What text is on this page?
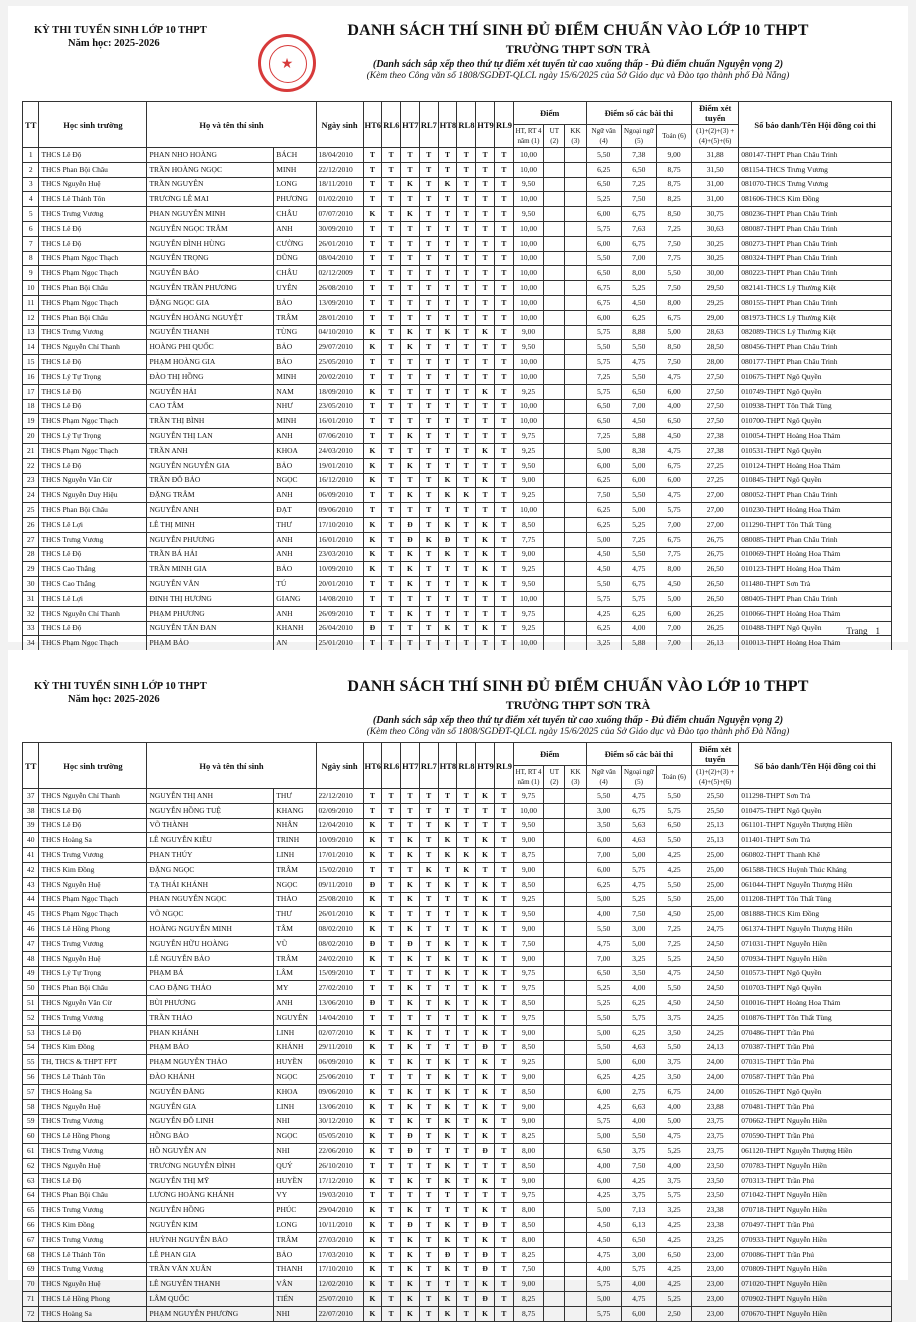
KỲ THI TUYỂN SINH LỚP 10 THPT
Năm học: 2025-2026
★
DANH SÁCH THÍ SINH ĐỦ ĐIỂM CHUẨN VÀO LỚP 10 THPT
TRƯỜNG THPT SƠN TRÀ
(Danh sách sắp xếp theo thứ tự điểm xét tuyển từ cao xuống thấp - Đủ điểm chuẩn Nguyện vọng 2)
(Kèm theo Công văn số 1808/SGDĐT-QLCL ngày 15/6/2025 của Sở Giáo dục và Đào tạo thành phố Đà Nẵng)
TT	Học sinh trường	Họ và tên thí sinh		Ngày sinh	HT6	RL6	HT7	RL7	HT8	RL8	HT9	RL9	Điểm			Điểm số các bài thi			Điểm xét tuyển	Số báo danh/Tên Hội đồng coi thi
													HT, RT 4 năm (1)	UT (2)	KK (3)	Ngữ văn (4)	Ngoại ngữ (5)	Toán (6)	(1)+(2)+(3) +(4)+(5)+(6)	
1	THCS Lê Độ	PHAN NHO HOÀNG	BÁCH	18/04/2010	T	T	T	T	T	T	T	T	10,00			5,50	7,38	9,00	31,88	080147-THPT Phan Châu Trinh
2	THCS Phan Bội Châu	TRẦN HOÀNG NGỌC	MINH	22/12/2010	T	T	T	T	T	T	T	T	10,00			6,25	6,50	8,75	31,50	081154-THCS Trưng Vương
3	THCS Nguyễn Huệ	TRẦN NGUYÊN	LONG	18/11/2010	T	T	K	T	K	T	T	T	9,50			6,50	7,25	8,75	31,00	081070-THCS Trưng Vương
4	THCS Lê Thánh Tôn	TRƯƠNG LÊ MAI	PHƯƠNG	01/02/2010	T	T	T	T	T	T	T	T	10,00			5,25	7,50	8,25	31,00	081606-THCS Kim Đồng
5	THCS Trưng Vương	PHAN NGUYỄN MINH	CHÂU	07/07/2010	K	T	K	T	T	T	T	T	9,50			6,00	6,75	8,50	30,75	080236-THPT Phan Châu Trinh
6	THCS Lê Độ	NGUYỄN NGỌC TRÂM	ANH	30/09/2010	T	T	T	T	T	T	T	T	10,00			5,75	7,63	7,25	30,63	080087-THPT Phan Châu Trinh
7	THCS Lê Độ	NGUYỄN ĐÌNH HÙNG	CƯỜNG	26/01/2010	T	T	T	T	T	T	T	T	10,00			6,00	6,75	7,50	30,25	080273-THPT Phan Châu Trinh
8	THCS Phạm Ngọc Thạch	NGUYỄN TRỌNG	DŨNG	08/04/2010	T	T	T	T	T	T	T	T	10,00			5,50	7,00	7,75	30,25	080324-THPT Phan Châu Trinh
9	THCS Phạm Ngọc Thạch	NGUYỄN BẢO	CHÂU	02/12/2009	T	T	T	T	T	T	T	T	10,00			6,50	8,00	5,50	30,00	080223-THPT Phan Châu Trinh
10	THCS Phan Bội Châu	NGUYỄN TRẦN PHƯƠNG	UYÊN	26/08/2010	T	T	T	T	T	T	T	T	10,00			6,75	5,25	7,50	29,50	082141-THCS Lý Thường Kiệt
11	THCS Phạm Ngọc Thạch	ĐẶNG NGỌC GIA	BẢO	13/09/2010	T	T	T	T	T	T	T	T	10,00			6,75	4,50	8,00	29,25	080155-THPT Phan Châu Trinh
12	THCS Phan Bội Châu	NGUYỄN HOÀNG NGUYỆT	TRÂM	28/01/2010	T	T	T	T	T	T	T	T	10,00			6,00	6,25	6,75	29,00	081973-THCS Lý Thường Kiệt
13	THCS Trưng Vương	NGUYỄN THANH	TÙNG	04/10/2010	K	T	K	T	K	T	K	T	9,00			5,75	8,88	5,00	28,63	082089-THCS Lý Thường Kiệt
14	THCS Nguyễn Chí Thanh	HOÀNG PHI QUỐC	BẢO	29/07/2010	K	T	K	T	T	T	T	T	9,50			5,50	5,50	8,50	28,50	080456-THPT Phan Châu Trinh
15	THCS Lê Độ	PHẠM HOÀNG GIA	BẢO	25/05/2010	T	T	T	T	T	T	T	T	10,00			5,75	4,75	7,50	28,00	080177-THPT Phan Châu Trinh
16	THCS Lý Tự Trọng	ĐÀO THỊ HỒNG	MINH	20/02/2010	T	T	T	T	T	T	T	T	10,00			7,25	5,50	4,75	27,50	010675-THPT Ngô Quyền
17	THCS Lê Độ	NGUYỄN HẢI	NAM	18/09/2010	K	T	T	T	T	T	K	T	9,25			5,75	6,50	6,00	27,50	010749-THPT Ngô Quyền
18	THCS Lê Độ	CAO TÂM	NHƯ	23/05/2010	T	T	T	T	T	T	T	T	10,00			6,50	7,00	4,00	27,50	010938-THPT Tôn Thất Tùng
19	THCS Phạm Ngọc Thạch	TRẦN THỊ BÌNH	MINH	16/01/2010	T	T	T	T	T	T	T	T	10,00			6,50	4,50	6,50	27,50	010700-THPT Ngô Quyền
20	THCS Lý Tự Trọng	NGUYỄN THỊ LAN	ANH	07/06/2010	T	T	K	T	T	T	T	T	9,75			7,25	5,88	4,50	27,38	010054-THPT Hoàng Hoa Thám
21	THCS Phạm Ngọc Thạch	TRẦN ANH	KHOA	24/03/2010	K	T	T	T	T	T	K	T	9,25			5,00	8,38	4,75	27,38	010531-THPT Ngô Quyền
22	THCS Lê Độ	NGUYỄN NGUYỄN GIA	BẢO	19/01/2010	K	T	K	T	T	T	T	T	9,50			6,00	5,00	6,75	27,25	010124-THPT Hoàng Hoa Thám
23	THCS Nguyễn Văn Cừ	TRẦN ĐỖ BẢO	NGỌC	16/12/2010	K	T	T	T	K	T	K	T	9,00			6,25	6,00	6,00	27,25	010845-THPT Ngô Quyền
24	THCS Nguyễn Duy Hiệu	ĐẶNG TRÂM	ANH	06/09/2010	T	T	K	T	K	K	T	T	9,25			7,50	5,50	4,75	27,00	080052-THPT Phan Châu Trinh
25	THCS Phan Bội Châu	NGUYỄN ANH	ĐẠT	09/06/2010	T	T	T	T	T	T	T	T	10,00			6,25	5,00	5,75	27,00	010230-THPT Hoàng Hoa Thám
26	THCS Lê Lợi	LÊ THỊ MINH	THƯ	17/10/2010	K	T	Đ	T	K	T	K	T	8,50			6,25	5,25	7,00	27,00	011290-THPT Tôn Thất Tùng
27	THCS Trưng Vương	NGUYỄN PHƯƠNG	ANH	16/01/2010	K	T	Đ	K	Đ	T	K	T	7,75			5,00	7,25	6,75	26,75	080085-THPT Phan Châu Trinh
28	THCS Lê Độ	TRẦN BÁ HẢI	ANH	23/03/2010	K	T	K	T	K	T	K	T	9,00			4,50	5,50	7,75	26,75	010069-THPT Hoàng Hoa Thám
29	THCS Cao Thắng	TRẦN MINH GIA	BẢO	10/09/2010	K	T	K	T	T	T	K	T	9,25			4,50	4,75	8,00	26,50	010123-THPT Hoàng Hoa Thám
30	THCS Cao Thắng	NGUYỄN VĂN	TÚ	20/01/2010	T	T	K	T	T	T	K	T	9,50			5,50	6,75	4,50	26,50	011480-THPT Sơn Trà
31	THCS Lê Lợi	ĐINH THỊ HƯƠNG	GIANG	14/08/2010	T	T	T	T	T	T	T	T	10,00			5,75	5,75	5,00	26,50	080405-THPT Phan Châu Trinh
32	THCS Nguyễn Chí Thanh	PHẠM PHƯƠNG	ANH	26/09/2010	T	T	K	T	T	T	T	T	9,75			4,25	6,25	6,00	26,25	010066-THPT Hoàng Hoa Thám
33	THCS Lê Độ	NGUYỄN TẤN ĐAN	KHANH	26/04/2010	Đ	T	T	T	K	T	K	T	9,25			6,25	4,00	7,00	26,25	010488-THPT Ngô Quyền
34	THCS Phạm Ngọc Thạch	PHẠM BẢO	AN	25/01/2010	T	T	T	T	T	T	T	T	10,00			3,25	5,88	7,00	26,13	010013-THPT Hoàng Hoa Thám

Trang 1
KỲ THI TUYỂN SINH LỚP 10 THPT
Năm học: 2025-2026
DANH SÁCH THÍ SINH ĐỦ ĐIỂM CHUẨN VÀO LỚP 10 THPT
TRƯỜNG THPT SƠN TRÀ
(Danh sách sắp xếp theo thứ tự điểm xét tuyển từ cao xuống thấp - Đủ điểm chuẩn Nguyện vọng 2)
(Kèm theo Công văn số 1808/SGDĐT-QLCL ngày 15/6/2025 của Sở Giáo dục và Đào tạo thành phố Đà Nẵng)
TT	Học sinh trường	Họ và tên thí sinh		Ngày sinh	HT6	RL6	HT7	RL7	HT8	RL8	HT9	RL9	Điểm			Điểm số các bài thi			Điểm xét tuyển	Số báo danh/Tên Hội đồng coi thi
													HT, RT 4 năm (1)	UT (2)	KK (3)	Ngữ văn (4)	Ngoại ngữ (5)	Toán (6)	(1)+(2)+(3) +(4)+(5)+(6)	
37	THCS Nguyễn Chí Thanh	NGUYỄN THỊ ANH	THƯ	22/12/2010	T	T	T	T	T	T	K	T	9,75			5,50	4,75	5,50	25,50	011298-THPT Sơn Trà
38	THCS Lê Độ	NGUYỄN HỒNG TUỆ	KHANG	02/09/2010	T	T	T	T	T	T	T	T	10,00			3,00	6,75	5,75	25,50	010475-THPT Ngô Quyền
39	THCS Lê Độ	VÕ THÀNH	NHÂN	12/04/2010	K	T	T	T	K	T	T	T	9,50			3,50	5,63	6,50	25,13	061101-THPT Nguyễn Thượng Hiền
40	THCS Hoàng Sa	LÊ NGUYỄN KIỀU	TRINH	10/09/2010	K	T	K	T	K	T	K	T	9,00			6,00	4,63	5,50	25,13	011401-THPT Sơn Trà
41	THCS Trưng Vương	PHAN THÚY	LINH	17/01/2010	K	T	K	T	K	K	K	T	8,75			7,00	5,00	4,25	25,00	060802-THPT Thanh Khê
42	THCS Kim Đồng	ĐẶNG NGỌC	TRÂM	15/02/2010	T	T	T	K	T	K	T	T	9,00			6,00	5,75	4,25	25,00	061588-THCS Huỳnh Thúc Kháng
43	THCS Nguyễn Huệ	TẠ THÁI KHÁNH	NGỌC	09/11/2010	Đ	T	K	T	K	T	K	T	8,50			6,25	4,75	5,50	25,00	061044-THPT Nguyễn Thượng Hiền
44	THCS Phạm Ngọc Thạch	PHAN NGUYỄN NGỌC	THẢO	25/08/2010	K	T	K	T	T	T	K	T	9,25			5,00	5,25	5,50	25,00	011208-THPT Tôn Thất Tùng
45	THCS Phạm Ngọc Thạch	VÕ NGỌC	THƯ	26/01/2010	K	T	T	T	T	T	K	T	9,50			4,00	7,50	4,50	25,00	081888-THCS Kim Đồng
46	THCS Lê Hồng Phong	HOÀNG NGUYỄN MINH	TÂM	08/02/2010	K	T	K	T	T	T	K	T	9,00			5,50	3,00	7,25	24,75	061374-THPT Nguyễn Thượng Hiền
47	THCS Trưng Vương	NGUYỄN HỮU HOÀNG	VŨ	08/02/2010	Đ	T	Đ	T	K	T	K	T	7,50			4,75	5,00	7,25	24,50	071031-THPT Nguyễn Hiền
48	THCS Nguyễn Huệ	LÊ NGUYỄN BẢO	TRÂM	24/02/2010	K	T	K	T	K	T	K	T	9,00			7,00	3,25	5,25	24,50	070934-THPT Nguyễn Hiền
49	THCS Lý Tự Trọng	PHẠM BÁ	LÂM	15/09/2010	T	T	T	T	K	T	K	T	9,75			6,50	3,50	4,75	24,50	010573-THPT Ngô Quyền
50	THCS Phan Bội Châu	CAO ĐẶNG THẢO	MY	27/02/2010	T	T	K	T	T	T	K	T	9,75			5,25	4,00	5,50	24,50	010703-THPT Ngô Quyền
51	THCS Nguyễn Văn Cừ	BÙI PHƯƠNG	ANH	13/06/2010	Đ	T	K	T	K	T	K	T	8,50			5,25	6,25	4,50	24,50	010016-THPT Hoàng Hoa Thám
52	THCS Trưng Vương	TRẦN THẢO	NGUYÊN	14/04/2010	T	T	T	T	T	T	K	T	9,75			5,50	5,75	3,75	24,25	010876-THPT Tôn Thất Tùng
53	THCS Lê Độ	PHAN KHÁNH	LINH	02/07/2010	K	T	K	T	T	T	K	T	9,00			5,00	6,25	3,50	24,25	070486-THPT Trần Phú
54	THCS Kim Đồng	PHẠM BẢO	KHÁNH	29/11/2010	K	T	K	T	T	T	Đ	T	8,50			5,50	4,63	5,50	24,13	070387-THPT Trần Phú
55	TH, THCS & THPT FPT	PHẠM NGUYỄN THẢO	HUYỀN	06/09/2010	K	T	K	T	K	T	K	T	9,25			5,00	6,00	3,75	24,00	070315-THPT Trần Phú
56	THCS Lê Thánh Tôn	ĐÀO KHÁNH	NGỌC	25/06/2010	T	T	T	T	K	T	K	T	9,00			6,25	4,25	3,50	24,00	070587-THPT Trần Phú
57	THCS Hoàng Sa	NGUYỄN ĐĂNG	KHOA	09/06/2010	K	T	K	T	K	T	K	T	8,50			6,00	2,75	6,75	24,00	010526-THPT Ngô Quyền
58	THCS Nguyễn Huệ	NGUYỄN GIA	LINH	13/06/2010	K	T	K	T	K	T	K	T	9,00			4,25	6,63	4,00	23,88	070481-THPT Trần Phú
59	THCS Trưng Vương	NGUYỄN ĐỖ LINH	NHI	30/12/2010	K	T	K	T	K	T	K	T	9,00			5,75	4,00	5,00	23,75	070662-THPT Nguyễn Hiền
60	THCS Lê Hồng Phong	HỒNG BẢO	NGỌC	05/05/2010	K	T	Đ	T	K	T	K	T	8,25			5,00	5,50	4,75	23,75	070590-THPT Trần Phú
61	THCS Trưng Vương	HỒ NGUYỄN AN	NHI	22/06/2010	K	T	Đ	T	T	T	Đ	T	8,00			6,50	3,75	5,25	23,75	061120-THPT Nguyễn Thượng Hiền
62	THCS Nguyễn Huệ	TRƯƠNG NGUYỄN ĐÌNH	QUÝ	26/10/2010	T	T	T	T	K	T	T	T	8,50			4,00	7,50	4,00	23,50	070783-THPT Nguyễn Hiền
63	THCS Lê Độ	NGUYỄN THỊ MỸ	HUYỀN	17/12/2010	K	T	K	T	K	T	K	T	9,00			6,00	4,25	3,75	23,50	070313-THPT Trần Phú
64	THCS Phan Bội Châu	LƯƠNG HOÀNG KHÁNH	VY	19/03/2010	T	T	T	T	T	T	T	T	9,75			4,25	3,75	5,75	23,50	071042-THPT Nguyễn Hiền
65	THCS Trưng Vương	NGUYỄN HỒNG	PHÚC	29/04/2010	K	T	K	T	T	T	K	T	8,00			5,00	7,13	3,25	23,38	070718-THPT Nguyễn Hiền
66	THCS Kim Đồng	NGUYỄN KIM	LONG	10/11/2010	K	T	Đ	T	K	T	Đ	T	8,50			4,50	6,13	4,25	23,38	070497-THPT Trần Phú
67	THCS Trưng Vương	HUỲNH NGUYỄN BẢO	TRÂM	27/03/2010	K	T	K	T	K	T	K	T	8,00			4,50	6,50	4,25	23,25	070933-THPT Nguyễn Hiền
68	THCS Lê Thánh Tôn	LÊ PHAN GIA	BẢO	17/03/2010	K	T	K	T	Đ	T	Đ	T	8,25			4,75	3,00	6,50	23,00	070086-THPT Trần Phú
69	THCS Trưng Vương	TRẦN VĂN XUÂN	THANH	17/10/2010	K	T	K	T	K	T	Đ	T	7,50			4,00	5,75	4,25	23,00	070809-THPT Nguyễn Hiền
70	THCS Nguyễn Huệ	LÊ NGUYỄN THANH	VÂN	12/02/2010	K	T	K	T	T	T	K	T	9,00			5,75	4,00	4,25	23,00	071020-THPT Nguyễn Hiền
71	THCS Lê Hồng Phong	LÂM QUỐC	TIẾN	25/07/2010	K	T	K	T	K	T	Đ	T	8,25			5,00	4,75	5,25	23,00	070902-THPT Nguyễn Hiền
72	THCS Hoàng Sa	PHẠM NGUYỄN PHƯƠNG	NHI	22/07/2010	K	T	K	T	K	T	K	T	8,75			5,75	6,00	2,50	23,00	070670-THPT Nguyễn Hiền
